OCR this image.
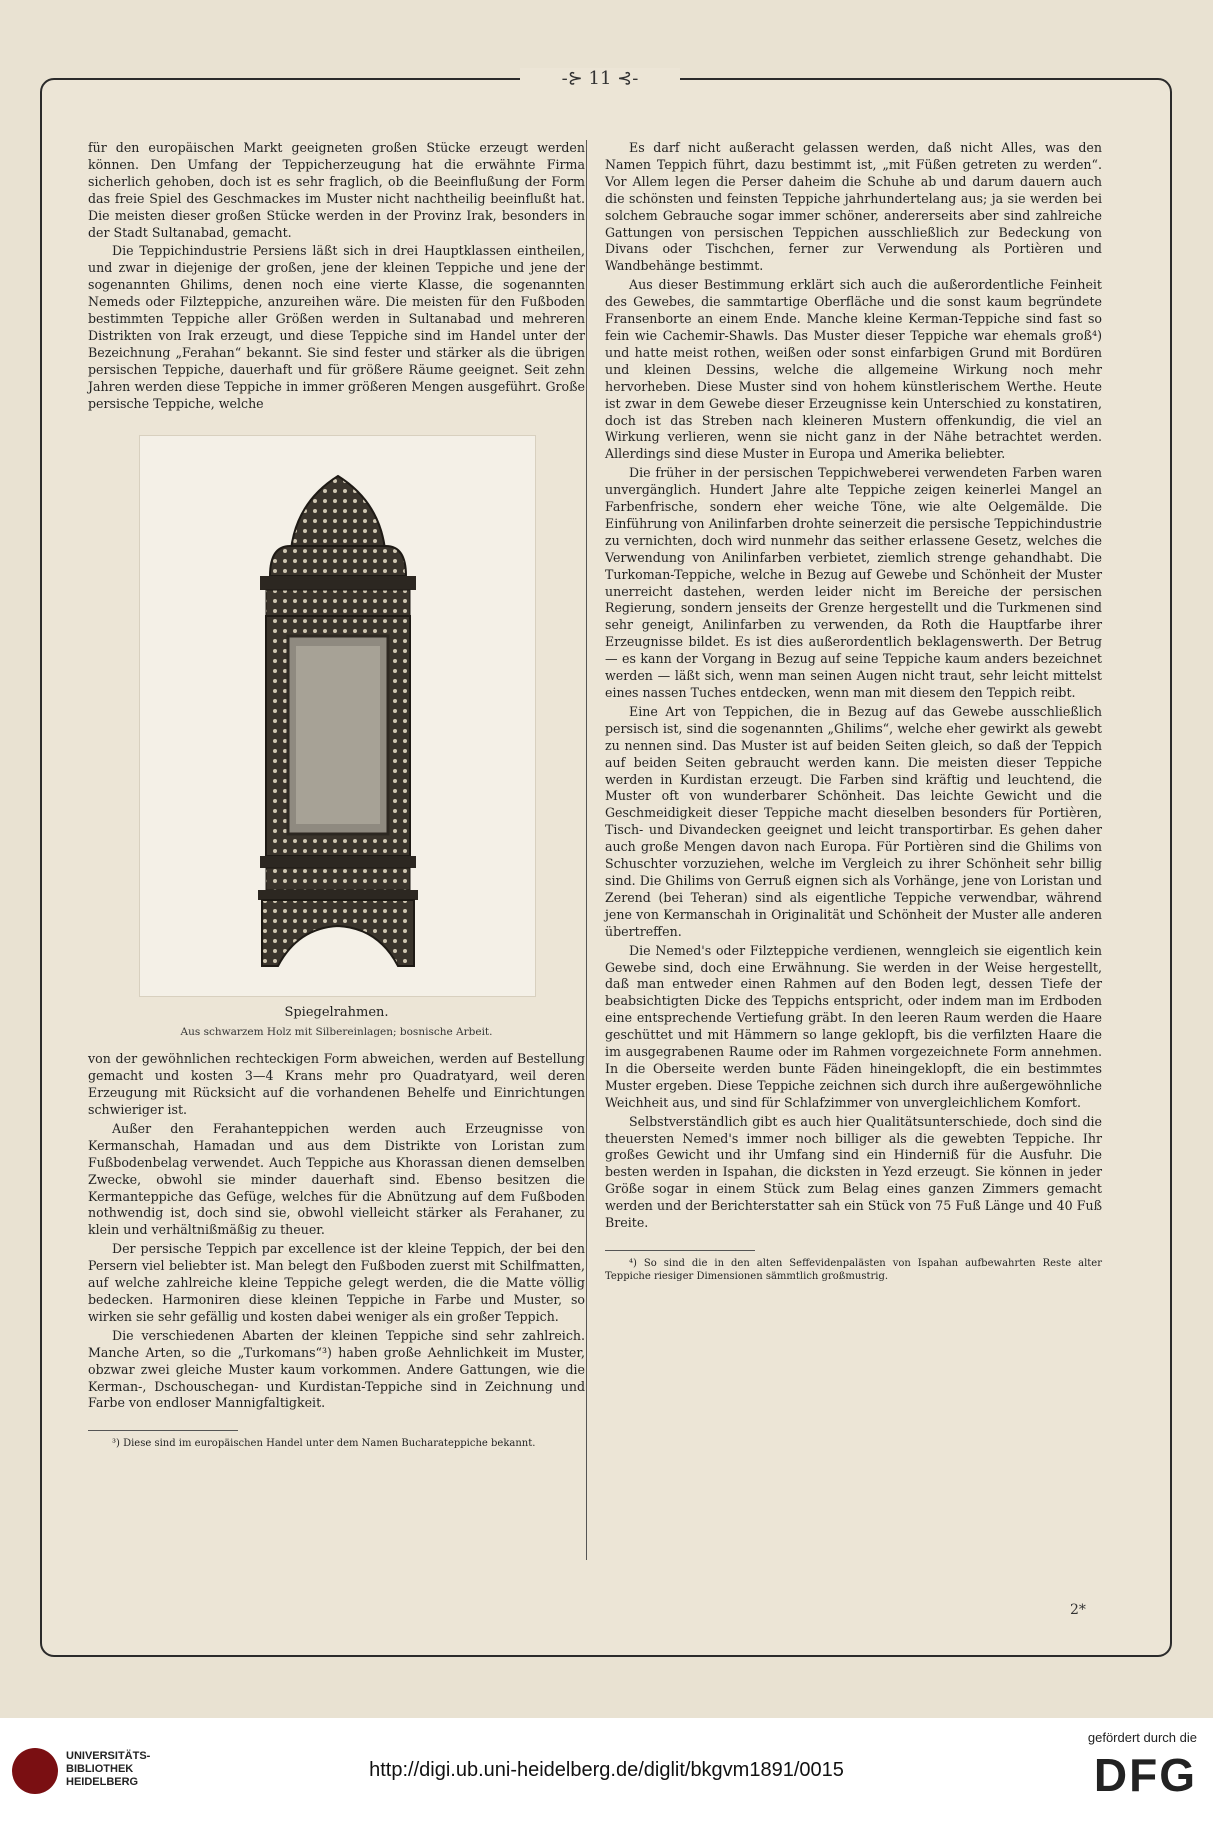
-⊱ 11 ⊰-

für den europäischen Markt geeigneten großen Stücke erzeugt werden können. Den Umfang der Teppicherzeugung hat die erwähnte Firma sicherlich gehoben, doch ist es sehr fraglich, ob die Beeinflußung der Form das freie Spiel des Geschmackes im Muster nicht nachtheilig beeinflußt hat. Die meisten dieser großen Stücke werden in der Provinz Irak, besonders in der Stadt Sultanabad, gemacht.

Die Teppichindustrie Persiens läßt sich in drei Hauptklassen eintheilen, und zwar in diejenige der großen, jene der kleinen Teppiche und jene der sogenannten Ghilims, denen noch eine vierte Klasse, die sogenannten Nemeds oder Filzteppiche, anzureihen wäre. Die meisten für den Fußboden bestimmten Teppiche aller Größen werden in Sultanabad und mehreren Distrikten von Irak erzeugt, und diese Teppiche sind im Handel unter der Bezeichnung „Ferahan“ bekannt. Sie sind fester und stärker als die übrigen persischen Teppiche, dauerhaft und für größere Räume geeignet. Seit zehn Jahren werden diese Teppiche in immer größeren Mengen ausgeführt. Große persische Teppiche, welche

Spiegelrahmen.
Aus schwarzem Holz mit Silbereinlagen; bosnische Arbeit.

von der gewöhnlichen rechteckigen Form abweichen, werden auf Bestellung gemacht und kosten 3—4 Krans mehr pro Quadratyard, weil deren Erzeugung mit Rücksicht auf die vorhandenen Behelfe und Einrichtungen schwieriger ist.

Außer den Ferahanteppichen werden auch Erzeugnisse von Kermanschah, Hamadan und aus dem Distrikte von Loristan zum Fußbodenbelag verwendet. Auch Teppiche aus Khorassan dienen demselben Zwecke, obwohl sie minder dauerhaft sind. Ebenso besitzen die Kermanteppiche das Gefüge, welches für die Abnützung auf dem Fußboden nothwendig ist, doch sind sie, obwohl vielleicht stärker als Ferahaner, zu klein und verhältnißmäßig zu theuer.

Der persische Teppich par excellence ist der kleine Teppich, der bei den Persern viel beliebter ist. Man belegt den Fußboden zuerst mit Schilfmatten, auf welche zahlreiche kleine Teppiche gelegt werden, die die Matte völlig bedecken. Harmoniren diese kleinen Teppiche in Farbe und Muster, so wirken sie sehr gefällig und kosten dabei weniger als ein großer Teppich.

Die verschiedenen Abarten der kleinen Teppiche sind sehr zahlreich. Manche Arten, so die „Turkomans“³) haben große Aehnlichkeit im Muster, obzwar zwei gleiche Muster kaum vorkommen. Andere Gattungen, wie die Kerman-, Dschouschegan- und Kurdistan-Teppiche sind in Zeichnung und Farbe von endloser Mannigfaltigkeit.

³) Diese sind im europäischen Handel unter dem Namen Bucharateppiche bekannt.

Es darf nicht außeracht gelassen werden, daß nicht Alles, was den Namen Teppich führt, dazu bestimmt ist, „mit Füßen getreten zu werden“. Vor Allem legen die Perser daheim die Schuhe ab und darum dauern auch die schönsten und feinsten Teppiche jahrhundertelang aus; ja sie werden bei solchem Gebrauche sogar immer schöner, andererseits aber sind zahlreiche Gattungen von persischen Teppichen ausschließlich zur Bedeckung von Divans oder Tischchen, ferner zur Verwendung als Portièren und Wandbehänge bestimmt.

Aus dieser Bestimmung erklärt sich auch die außerordentliche Feinheit des Gewebes, die sammtartige Oberfläche und die sonst kaum begründete Fransenborte an einem Ende. Manche kleine Kerman-Teppiche sind fast so fein wie Cachemir-Shawls. Das Muster dieser Teppiche war ehemals groß⁴) und hatte meist rothen, weißen oder sonst einfarbigen Grund mit Bordüren und kleinen Dessins, welche die allgemeine Wirkung noch mehr hervorheben. Diese Muster sind von hohem künstlerischem Werthe. Heute ist zwar in dem Gewebe dieser Erzeugnisse kein Unterschied zu konstatiren, doch ist das Streben nach kleineren Mustern offenkundig, die viel an Wirkung verlieren, wenn sie nicht ganz in der Nähe betrachtet werden. Allerdings sind diese Muster in Europa und Amerika beliebter.

Die früher in der persischen Teppichweberei verwendeten Farben waren unvergänglich. Hundert Jahre alte Teppiche zeigen keinerlei Mangel an Farbenfrische, sondern eher weiche Töne, wie alte Oelgemälde. Die Einführung von Anilinfarben drohte seinerzeit die persische Teppichindustrie zu vernichten, doch wird nunmehr das seither erlassene Gesetz, welches die Verwendung von Anilinfarben verbietet, ziemlich strenge gehandhabt. Die Turkoman-Teppiche, welche in Bezug auf Gewebe und Schönheit der Muster unerreicht dastehen, werden leider nicht im Bereiche der persischen Regierung, sondern jenseits der Grenze hergestellt und die Turkmenen sind sehr geneigt, Anilinfarben zu verwenden, da Roth die Hauptfarbe ihrer Erzeugnisse bildet. Es ist dies außerordentlich beklagenswerth. Der Betrug — es kann der Vorgang in Bezug auf seine Teppiche kaum anders bezeichnet werden — läßt sich, wenn man seinen Augen nicht traut, sehr leicht mittelst eines nassen Tuches entdecken, wenn man mit diesem den Teppich reibt.

Eine Art von Teppichen, die in Bezug auf das Gewebe ausschließlich persisch ist, sind die sogenannten „Ghilims“, welche eher gewirkt als gewebt zu nennen sind. Das Muster ist auf beiden Seiten gleich, so daß der Teppich auf beiden Seiten gebraucht werden kann. Die meisten dieser Teppiche werden in Kurdistan erzeugt. Die Farben sind kräftig und leuchtend, die Muster oft von wunderbarer Schönheit. Das leichte Gewicht und die Geschmeidigkeit dieser Teppiche macht dieselben besonders für Portièren, Tisch- und Divandecken geeignet und leicht transportirbar. Es gehen daher auch große Mengen davon nach Europa. Für Portièren sind die Ghilims von Schuschter vorzuziehen, welche im Vergleich zu ihrer Schönheit sehr billig sind. Die Ghilims von Gerruß eignen sich als Vorhänge, jene von Loristan und Zerend (bei Teheran) sind als eigentliche Teppiche verwendbar, während jene von Kermanschah in Originalität und Schönheit der Muster alle anderen übertreffen.

Die Nemed's oder Filzteppiche verdienen, wenngleich sie eigentlich kein Gewebe sind, doch eine Erwähnung. Sie werden in der Weise hergestellt, daß man entweder einen Rahmen auf den Boden legt, dessen Tiefe der beabsichtigten Dicke des Teppichs entspricht, oder indem man im Erdboden eine entsprechende Vertiefung gräbt. In den leeren Raum werden die Haare geschüttet und mit Hämmern so lange geklopft, bis die verfilzten Haare die im ausgegrabenen Raume oder im Rahmen vorgezeichnete Form annehmen. In die Oberseite werden bunte Fäden hineingeklopft, die ein bestimmtes Muster ergeben. Diese Teppiche zeichnen sich durch ihre außergewöhnliche Weichheit aus, und sind für Schlafzimmer von unvergleichlichem Komfort.

Selbstverständlich gibt es auch hier Qualitätsunterschiede, doch sind die theuersten Nemed's immer noch billiger als die gewebten Teppiche. Ihr großes Gewicht und ihr Umfang sind ein Hinderniß für die Ausfuhr. Die besten werden in Ispahan, die dicksten in Yezd erzeugt. Sie können in jeder Größe sogar in einem Stück zum Belag eines ganzen Zimmers gemacht werden und der Berichterstatter sah ein Stück von 75 Fuß Länge und 40 Fuß Breite.

⁴) So sind die in den alten Seffevidenpalästen von Ispahan aufbewahrten Reste alter Teppiche riesiger Dimensionen sämmtlich großmustrig.
2*
UNIVERSITÄTS-
BIBLIOTHEK
HEIDELBERG
http://digi.ub.uni-heidelberg.de/diglit/bkgvm1891/0015
gefördert durch die
DFG
